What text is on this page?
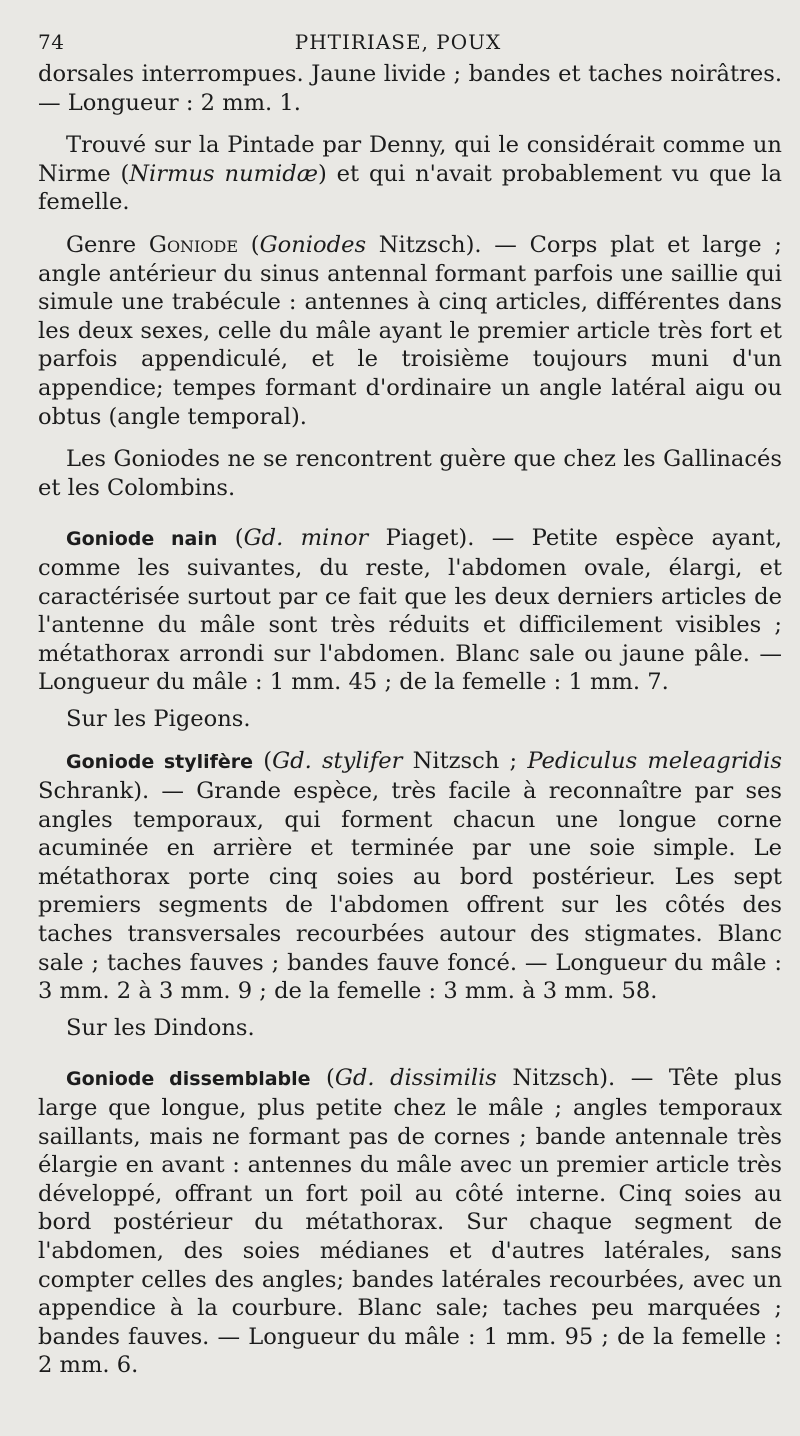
74	PHTIRIASE, POUX

dorsales interrompues. Jaune livide ; bandes et taches noirâtres.— Longueur : 2 mm. 1.

Trouvé sur la Pintade par Denny, qui le considérait comme un Nirme (Nirmus numidæ) et qui n'avait probablement vu que la femelle.

Genre Goniode (Goniodes Nitzsch). — Corps plat et large ; angle antérieur du sinus antennal formant parfois une saillie qui simule une trabécule : antennes à cinq articles, différentes dans les deux sexes, celle du mâle ayant le premier article très fort et parfois appendiculé, et le troisième toujours muni d'un appendice; tempes formant d'ordinaire un angle latéral aigu ou obtus (angle temporal).

Les Goniodes ne se rencontrent guère que chez les Gallinacés et les Colombins.

Goniode nain (Gd. minor Piaget). — Petite espèce ayant, comme les suivantes, du reste, l'abdomen ovale, élargi, et caractérisée surtout par ce fait que les deux derniers articles de l'antenne du mâle sont très réduits et difficilement visibles ; métathorax arrondi sur l'abdomen. Blanc sale ou jaune pâle. — Longueur du mâle : 1 mm. 45 ; de la femelle : 1 mm. 7.

Sur les Pigeons.

Goniode stylifère (Gd. stylifer Nitzsch ; Pediculus meleagridis Schrank). — Grande espèce, très facile à reconnaître par ses angles temporaux, qui forment chacun une longue corne acuminée en arrière et terminée par une soie simple. Le métathorax porte cinq soies au bord postérieur. Les sept premiers segments de l'abdomen offrent sur les côtés des taches transversales recourbées autour des stigmates. Blanc sale ; taches fauves ; bandes fauve foncé. — Longueur du mâle : 3 mm. 2 à 3 mm. 9 ; de la femelle : 3 mm. à 3 mm. 58.

Sur les Dindons.

Goniode dissemblable (Gd. dissimilis Nitzsch). — Tête plus large que longue, plus petite chez le mâle ; angles temporaux saillants, mais ne formant pas de cornes ; bande antennale très élargie en avant : antennes du mâle avec un premier article très développé, offrant un fort poil au côté interne. Cinq soies au bord postérieur du métathorax. Sur chaque segment de l'abdomen, des soies médianes et d'autres latérales, sans compter celles des angles; bandes latérales recourbées, avec un appendice à la courbure. Blanc sale; taches peu marquées ; bandes fauves. — Longueur du mâle : 1 mm. 95 ; de la femelle : 2 mm. 6.
